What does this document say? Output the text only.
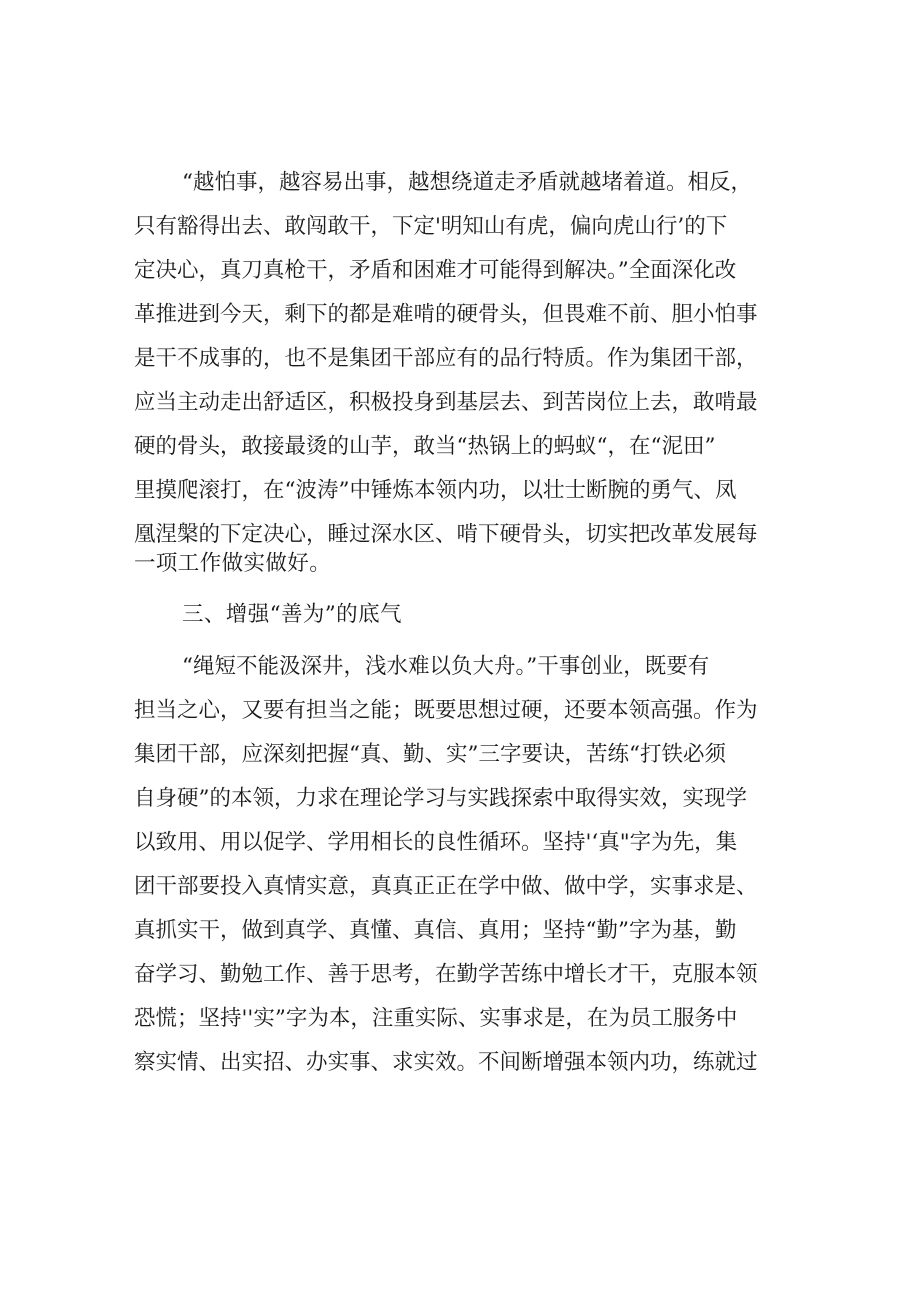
“越怕事，越容易出事，越想绕道走矛盾就越堵着道。相反，
只有豁得出去、敢闯敢干，下定'明知山有虎，偏向虎山行’的下
定决心，真刀真枪干，矛盾和困难才可能得到解决。”全面深化改
革推进到今天，剩下的都是难啃的硬骨头，但畏难不前、胆小怕事
是干不成事的，也不是集团干部应有的品行特质。作为集团干部，
应当主动走出舒适区，积极投身到基层去、到苦岗位上去，敢啃最
硬的骨头，敢接最烫的山芋，敢当“热锅上的蚂蚁“，在“泥田”
里摸爬滚打，在“波涛”中锤炼本领内功，以壮士断腕的勇气、凤
凰涅槃的下定决心，睡过深水区、啃下硬骨头，切实把改革发展每
一项工作做实做好。
三、增强“善为”的底气
“绳短不能汲深井，浅水难以负大舟。”干事创业，既要有
担当之心，又要有担当之能；既要思想过硬，还要本领高强。作为
集团干部，应深刻把握“真、勤、实”三字要诀，苦练“打铁必须
自身硬”的本领，力求在理论学习与实践探索中取得实效，实现学
以致用、用以促学、学用相长的良性循环。坚持'‘真"字为先，集
团干部要投入真情实意，真真正正在学中做、做中学，实事求是、
真抓实干，做到真学、真懂、真信、真用；坚持“勤”字为基，勤
奋学习、勤勉工作、善于思考，在勤学苦练中增长才干，克服本领
恐慌；坚持''实”字为本，注重实际、实事求是，在为员工服务中
察实情、出实招、办实事、求实效。不间断增强本领内功，练就过
